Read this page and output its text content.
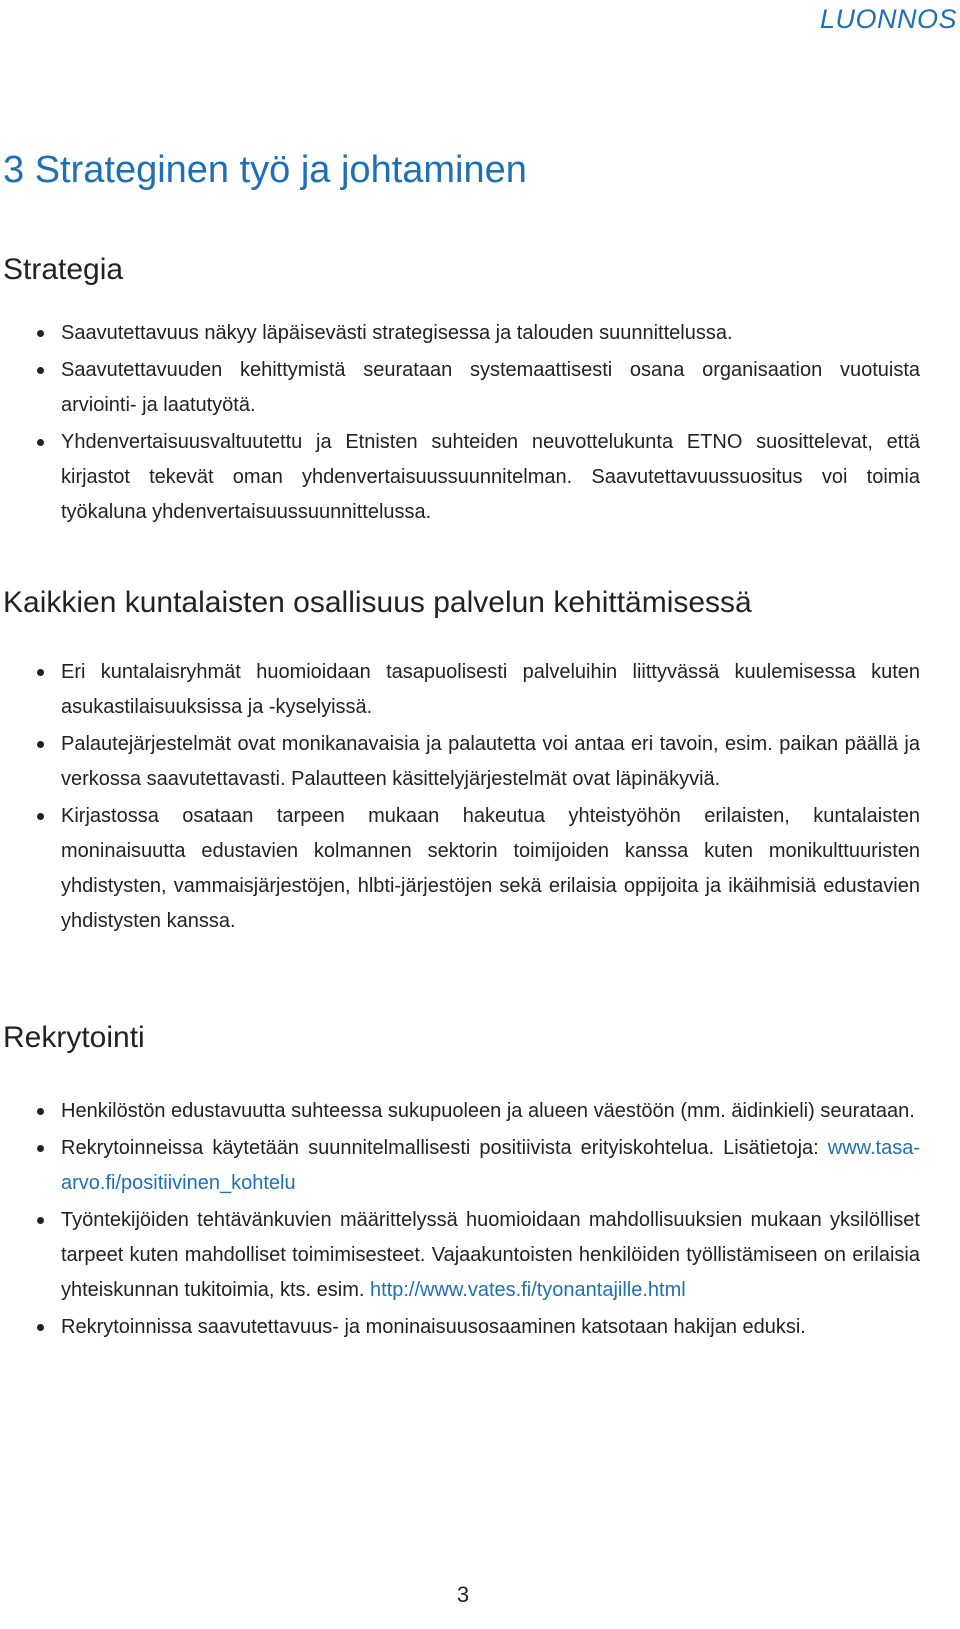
LUONNOS
3 Strateginen työ ja johtaminen
Strategia
Saavutettavuus näkyy läpäisevästi strategisessa ja talouden suunnittelussa.
Saavutettavuuden kehittymistä seurataan systemaattisesti osana organisaation vuotuista arviointi- ja laatutyötä.
Yhdenvertaisuusvaltuutettu ja Etnisten suhteiden neuvottelukunta ETNO suosittelevat, että kirjastot tekevät oman yhdenvertaisuussuunnitelman. Saavutettavuussuositus voi toimia työkaluna yhdenvertaisuussuunnittelussa.
Kaikkien kuntalaisten osallisuus palvelun kehittämisessä
Eri kuntalaisryhmät huomioidaan tasapuolisesti palveluihin liittyvässä kuulemisessa kuten asukastilaisuuksissa ja -kyselyissä.
Palautejärjestelmät ovat monikanavaisia ja palautetta voi antaa eri tavoin, esim. paikan päällä ja verkossa saavutettavasti. Palautteen käsittelyjärjestelmät ovat läpinäkyviä.
Kirjastossa osataan tarpeen mukaan hakeutua yhteistyöhön erilaisten, kuntalaisten moninaisuutta edustavien kolmannen sektorin toimijoiden kanssa kuten monikulttuuristen yhdistysten, vammaisjärjestöjen, hlbti-järjestöjen sekä erilaisia oppijoita ja ikäihmisiä edustavien yhdistysten kanssa.
Rekrytointi
Henkilöstön edustavuutta suhteessa sukupuoleen ja alueen väestöön (mm. äidinkieli) seurataan.
Rekrytoinneissa käytetään suunnitelmallisesti positiivista erityiskohtelua. Lisätietoja: www.tasa-arvo.fi/positiivinen_kohtelu
Työntekijöiden tehtävänkuvien määrittelyssä huomioidaan mahdollisuuksien mukaan yksilölliset tarpeet kuten mahdolliset toimimisesteet. Vajaakuntoisten henkilöiden työllistämiseen on erilaisia yhteiskunnan tukitoimia, kts. esim. http://www.vates.fi/tyonantajille.html
Rekrytoinnissa saavutettavuus- ja moninaisuusosaaminen katsotaan hakijan eduksi.
3
